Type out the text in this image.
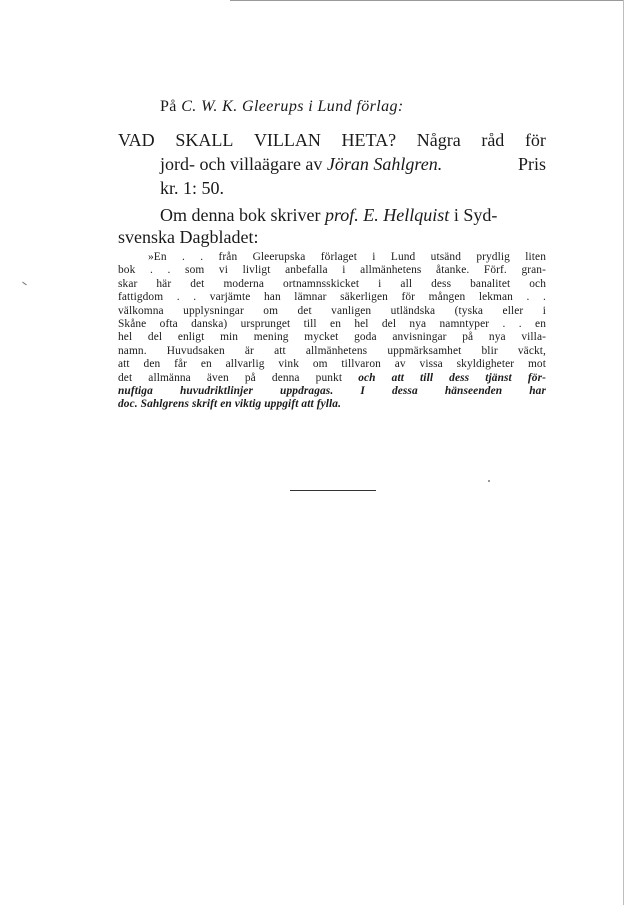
På C. W. K. Gleerups i Lund förlag:
VAD SKALL VILLAN HETA? Några råd för
jord- och villaägare av Jöran Sahlgren.	Pris
kr. 1: 50.
Om denna bok skriver prof. E. Hellquist i Syd-
svenska Dagbladet:
»En . . från Gleerupska förlaget i Lund utsänd prydlig liten
bok . . som vi livligt anbefalla i allmänhetens åtanke. Förf. gran-
skar här det moderna ortnamnsskicket i all dess banalitet och
fattigdom . . varjämte han lämnar säkerligen för mången lekman . .
välkomna upplysningar om det vanligen utländska (tyska eller i
Skåne ofta danska) ursprunget till en hel del nya namntyper . . en
hel del enligt min mening mycket goda anvisningar på nya villa-
namn. Huvudsaken är att allmänhetens uppmärksamhet blir väckt,
att den får en allvarlig vink om tillvaron av vissa skyldigheter mot
det allmänna även på denna punkt och att till dess tjänst för-
nuftiga huvudriktlinjer uppdragas. I dessa hänseenden har
doc. Sahlgrens skrift en viktig uppgift att fylla.
